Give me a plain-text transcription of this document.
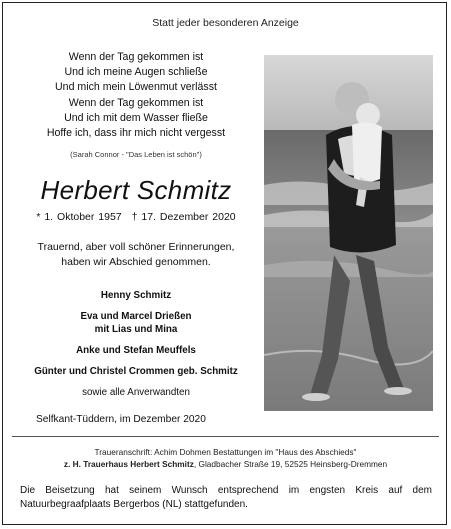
Statt jeder besonderen Anzeige
Wenn der Tag gekommen ist
Und ich meine Augen schließe
Und mich mein Löwenmut verlässt
Wenn der Tag gekommen ist
Und ich mit dem Wasser fließe
Hoffe ich, dass ihr mich nicht vergesst
(Sarah Connor - "Das Leben ist schön")
Herbert Schmitz
* 1. Oktober 1957 † 17. Dezember 2020
Trauernd, aber voll schöner Erinnerungen,
haben wir Abschied genommen.
Henny Schmitz
Eva und Marcel Drießen
mit Lias und Mina
Anke und Stefan Meuffels
Günter und Christel Crommen geb. Schmitz
sowie alle Anverwandten
Selfkant-Tüddern, im Dezember 2020
Traueranschrift: Achim Dohmen Bestattungen im "Haus des Abschieds"
z. H. Trauerhaus Herbert Schmitz, Gladbacher Straße 19, 52525 Heinsberg-Dremmen
Die Beisetzung hat seinem Wunsch entsprechend im engsten Kreis auf dem Natuurbegraafplaats Bergerbos (NL) stattgefunden.
